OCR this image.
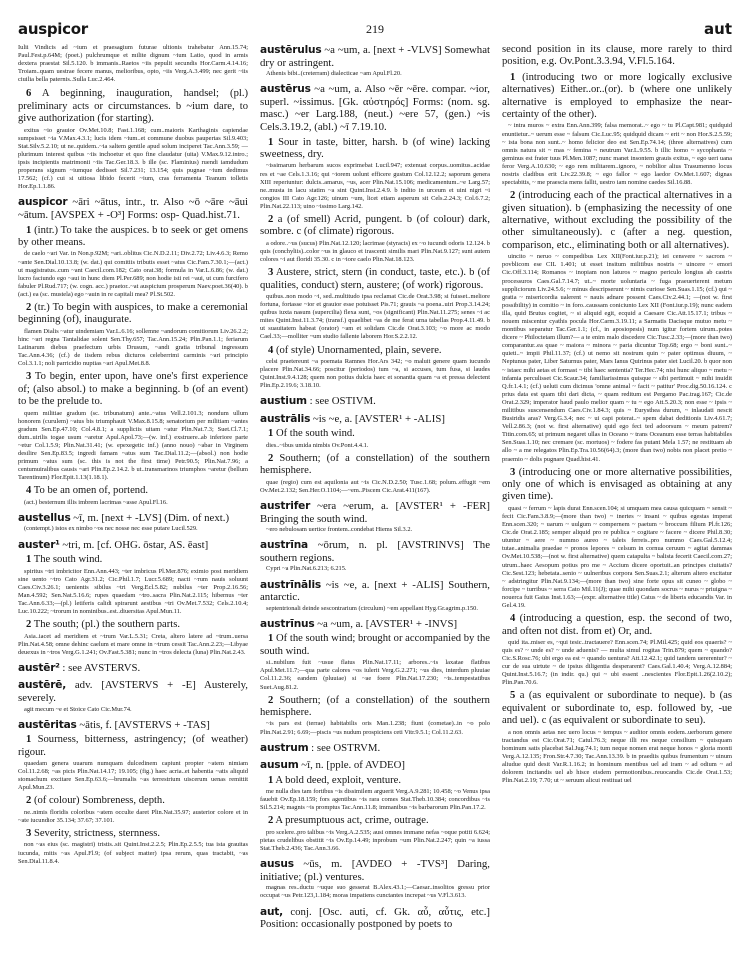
auspicor	219	aut

Iulii Vindicis ad ~ium et praesagium futurae ultionis trahebatur Ann.15.74; Paul.Fest.p.64M; (poet.) pulchrumque et milite dignum ~ium Latio, quod in armis dextera praestat Sil.5.120. b immanis..Raetos ~iis pepulit secundis Hor.Carm.4.14.16; Troiam..quam uestrae fecere manus, melioribus, opto, ~iis Verg.A.3.499; nec gerit ~iis ciuilia bella paternis..Sulla Luc.2.464.

6 A beginning, inauguration, handsel; (pl.) preliminary acts or circumstances. b ~ium dare, to give authorization (for starting).

exitus ~io grauior Ov.Met.10.8; Fast.1.168; cum..maioris Karthaginis capiendae sumpsisset ~ia V.Max.4.3.1; lucis idem ~ium..et commune duobus paupertas Sil.9.403; Stat.Silv.5.2.10; ut ne..quidem..~ia saltem gentile apud solum inciperet Tac.Ann.3.59; —plurimum interest quibus ~iis inchoetur et quo fine claudatur (uita) V.Max.9.12.intro.; ipsis incipientis matrimonii ~iis Tac.Ger.18.3. b ille (sc. Flaminius) ruendi iamdudum properans signum ~iumque dedisset Sil.7.231; 13.154; quis pugnae ~ium dedimus 17.562; (cf.) cui si uitiosa libido fecerit ~ium, cras ferramenta Teanum tolletis Hor.Ep.1.1.86.

auspicor ~āri ~ātus, intr., tr. Also ~ō ~āre ~āui ~ātum. [AVSPEX + -O³] Forms: osp- Quad.hist.71.

1 (intr.) To take the auspices. b to seek or get omens by other means.

de caelo ~ari Var. in Non.p.92M; ~ari..oblitus Cic.N.D.2.11; Div.2.72; Liv.4.6.3; Remo ~ante Sen.Dial.10.13.8; (w. dat.) qui comitiis tributis esset ~atus Cic.Fam.7.30.1;—(act.) ut magistratus..cum ~ant Caecil.com.182; Cato orat.38; formula in Var.L.6.86; (w. dat.) lucro faciundo ego ~aui in hunc diem Pl.Per.689; non hodie isti rei ~aui, ut cum furcifero fabuler Pl.Rud.717; (w. cogn. acc.) praetor..~at auspicium prosperum Naev.poet.36(40). b (act.) ea (sc. mustela) ego ~auin in re capitali mea? Pl.St.502.

2 (tr.) To begin with auspices, to make a ceremonial beginning (of), inaugurate.

flamen Dialis ~atur uindemiam Var.L.6.16; sollemne ~andorum comitiorum Liv.26.2.2; hinc ~ari regna Tantalidae solent Sen.Thy.657; Tac.Ann.15.24; Plin.Pan.1.1; feriarum Latinarum diebus praefectum urbis Drusum, ~andi gratia tribunal ingressum Tac.Ann.4.36; (cf.) de iisdem rebus dicturos celeberrimi carminis ~ari principio Col.3.1.1; noli parricidio nuptias ~ari Apul.Met.8.8.

3 To begin, enter upon, have one's first experience of; (also absol.) to make a beginning. b (of an event) to be the prelude to.

quem militiae gradum (sc. tribunatum) ante..~atus Vell.2.101.3; nondum ullum honorem (curulem) ~atus bis triumphauit V.Max.8.15.8; senatorium per militiam ~antes gradum Sen.Ep.47.10; Col.4.8.1; a suppliciis uitam ~atur Plin.Nat.7.3; Suet.Cl.7.1; dum..uirilis togae usum ~aretur Apul.Apol.73;—(w. inf.) exstruere..ab inferiore parte ~etur Col.1.5.9; Plin.Nat.31.41; (w. epexegetic inf.) (anno nouo) ~abar in Virginem desilire Sen.Ep.83.5; ingredi famam ~atus sum Tac.Dial.11.2;—(absol.) non hodie primum ~atus sum (sc. this is not the first time) Petr.90.5; Plin.Nat.7.96; a centumuiralibus causis ~ari Plin.Ep.2.14.2. b ut..transmarinos triumphos ~aretur (bellum Tarentinum) Flor.Epit.1.13(1.18.1).

4 To be an omen of, portend.

(act.) besternum illis imbrem lacrimas ~asse Apul.Fl.16.

austellus ~ī, m. [next + -LVS] (Dim. of next.)

(contempt.) istos ex nimbo ~os nec nosse nec esse putare Lucil.529.

auster¹ ~tri, m. [cf. OHG. ōstar, AS. ēast]

1 The south wind.

spiritus ~tri imbricitor Enn.Ann.443; ~ter imbricus Pl.Mer.876; eximio post meridiem sine uento ~tro Cato Agr.31.2; Cic.Phil.1.7; Lucr.5.689; nacti ~rum nauis soluunt Caes.Civ.3.26.1; uenientis sibilus ~tri Verg.Ecl.5.82; nubilus ~ter Prop.2.16.56; Man.4.592; Sen.Nat.5.16.6; rupes quaedam ~tro..sacra Plin.Nat.2.115; hibernus ~ter Tac.Ann.6.33;—(pl.) letiferis calidi spirarunt aestibus ~tri Ov.Met.7.532; Cels.2.10.4; Luc.10.222; ~trorum in nominibus..est..diuersitas Apul.Mun.11.

2 The south; (pl.) the southern parts.

Asia..iacet ad meridiem et ~trum Var.L.5.31; Creta, altero latere ad ~trum..uersa Plin.Nat.4.58; omne dehinc caelum et mare omne in ~trum cessit Tac.Ann.2.23;—Libyae deuexus in ~tros Verg.G.1.241; Ov.Fast.5.381; nunc in ~tros delecta (luna) Plin.Nat.2.43.

austēr² : see AVSTERVS.

austērē, adv. [AVSTERVS + -E] Austerely, severely.

agit mecum ~e et Stoice Cato Cic.Mur.74.

austēritas ~ātis, f. [AVSTERVS + -TAS]

1 Sourness, bitterness, astringency; (of weather) rigour.

quaedam genera uuarum numquam dulcedinem capiunt propter ~atem nimiam Col.11.2.68; ~as picis Plin.Nat.14.17; 19.105; (fig.) haec acria..et habentia ~atis aliquid stomachum excitare Sen.Ep.63.6;—brumalis ~as terrestrium uiscerum uenas remittit Apul.Mun.23.

2 (of colour) Sombreness, depth.

ne..nimis floridis coloribus ~atem occulte daret Plin.Nat.35.97; austerior colore et in ~ate iucundior 35.134; 37.67; 37.101.

3 Severity, strictness, sternness.

non ~as eius (sc. magistri) tristis..sit Quint.Inst.2.2.5; Plin.Ep.2.5.5; tua ista grauitas iucunda, mitis ~as Apul.Fl.9; (of subject matter) ipsa rerum, quas tractabit, ~as Sen.Dial.11.8.4.

austērulus ~a ~um, a. [next + -VLVS] Somewhat dry or astringent.

Athenis bibi..(creterram) dialecticae ~am Apul.Fl.20.

austērus ~a ~um, a. Also ~ēr ~ēre. compar. ~ior, superl. ~issimus. [Gk. αὐστηρός] Forms: (nom. sg. masc.) ~er Larg.188, (neut.) ~ere 57, (gen.) ~is Cels.3.19.2, (abl.) ~ī 7.19.10.

1 Sour in taste, bitter, harsh. b (of wine) lacking sweetness, dry.

~issimarum herbarum sucos exprimebat Lucil.947; extenuat corpus..uomitus..acidae res et ~ae Cels.1.3.16; qui ~iorem uolunt efficere gustum Col.12.12.2; saporum genera XIII reperiuntur: dulcis..amarus, ~us, acer Plin.Nat.15.106; medicamentum..~e Larg.57; ne..musta in lacu statim ~a sint Quint.Inst.2.4.9. b indito in urceum et uini nigri ~i congios III Cato Agr.126; uinum ~um, licet etiam asperum sit Cels.2.24.3; Col.6.7.2; Plin.Nat.22.113; uino ~issimo Larg.142.

2 a (of smell) Acrid, pungent. b (of colour) dark, sombre. c (of climate) rigorous.

a odore..~us (sucus) Plin.Nat.12.120; lacrimae (styracis) ex ~o iucundi odoris 12.124. b quis (conchyliis)..color ~us in glauco et irascenti similis mari Plin.Nat.9.127; sunt autem colores ~i aut floridi 35.30. c in ~iore caelo Plin.Nat.18.123.

3 Austere, strict, stern (in conduct, taste, etc.). b (of qualities, conduct) stern, austere; (of work) rigorous.

quibus..non modo ~i, sed..multitudo ipsa reclamat Cic.de Orat.3.98; si fuisset..meliore fortuna, fortasse ~ior et grauior esse potuisset Pis.71; grauis ~a poena..uiri Prop.3.14.24; quibus iuxta nasum (supercilia) flexa sunt, ~os (significant) Plin.Nat.11.275; senes ~i ac mites Quint.Inst.11.3.74; (transf.) quaelibet ~as de me ferat urna tabellas Prop.4.11.49. b ut suauitatem habeat (orator) ~am et solidam Cic.de Orat.3.103; ~o more ac modo Cael.33;—molliter ~um studio fallente laborem Hor.S.2.2.12.

4 (of style) Unornamented, plain, severe.

celsi praetereunt ~a poemata Ramnes Hor.Ars 342; ~o maluit genere quam iucundo placere Plin.Nat.34.66; poscitur (periodos) tum ~a, si accuses, tum fusa, si laudes Quint.Inst.9.4.128; quem non potius dulcia haec et sonantia quam ~a et pressa delectent Plin.Ep.2.19.6; 3.18.10.

austium : see OSTIVM.

austrālis ~is ~e, a. [AVSTER¹ + -ALIS]

1 Of the south wind.

dies..~ibus umida nimbis Ov.Pont.4.4.1.

2 Southern; (of a constellation) of the southern hemisphere.

quae (regio) cum est aquilonia aut ~is Cic.N.D.2.50; Tusc.1.68; polum..effugit ~em Ov.Met.2.132; Sen.Her.O.1104;—~em..Piscem Cic.Arat.411(167).

austrifer ~era ~erum, a. [AVSTER¹ + -FER] Bringing the south wind.

~ero nebulosam uertice frontem..condebat Hiems Sil.3.2.

austrīna ~ōrum, n. pl. [AVSTRINVS] The southern regions.

Cypri ~a Plin.Nat.6.213; 6.215.

austrīnālis ~is ~e, a. [next + -ALIS] Southern, antarctic.

septentrionali deinde sescontrarium (circulum) ~em appellant Hyg.Gr.agrim.p.150.

austrīnus ~a ~um, a. [AVSTER¹ + -INVS]

1 Of the south wind; brought or accompanied by the south wind.

si..nubilum fuit ~usue flatus Plin.Nat.17.11; arbores..~is laxatae flatibus Apul.Met.11.7;—qua parte calores ~os iulerit Verg.G.2.271; ~us dies, interdum pluuiae Col.11.2.36; eandem (pluuiae) si ~ae foere Plin.Nat.17.230; ~is..tempestatibus Suet.Aug.81.2.

2 Southern; (of a constellation) of the southern hemisphere.

~is pars est (terrae) habitabilis oris Man.1.238; fiunt (cometae)..in ~o polo Plin.Nat.2.91; 6.69;—piscis ~us nudum prospiciens ceti Vitr.9.5.1; Col.11.2.63.

austrum : see OSTRVM.

ausum ~ī, n. [pple. of AVDEO]

1 A bold deed, exploit, venture.

me nulla dies tam fortibus ~is dissimilem arguerit Verg.A.9.281; 10.458; ~o Venus ipsa fauebit Ov.Ep.18.159; fors agentibus ~is rara comes Stat.Theb.10.384; concordibus ~is Sil.5.214; magnis ~is promptus Tac.Ann.11.8; immanibus ~is barbarorum Plin.Pan.17.2.

2 A presumptuous act, crime, outrage.

pro scelere..pro talibus ~is Verg.A.2.535; ausi omnes immane nefas ~oque potiti 6.624; pietas crudelibus obstitit ~is Ov.Ep.14.49; inprobum ~um Plin.Nat.2.247; quin ~a iussa Stat.Theb.2.436; Tac.Ann.3.66.

ausus ~ūs, m. [AVDEO + -TVS³] Daring, initiative; (pl.) ventures.

magnas res..ductu ~uque suo gesserat B.Alex.43.1;—Caesar..insolitos gressu prior occupat ~us Petr.123,1.184; moras impatiens cunctantes increpat ~us V.Fl.3.613.

aut, conj. [Osc. auti, cf. Gk. αὖ, αὖτις, etc.] Position: occasionally postponed by poets to

second position in its clause, more rarely to third position, e.g. Ov.Pont.3.3.94, V.Fl.5.164.

1 (introducing two or more logically exclusive alternatives) Either..or..(or). b (where one unlikely alternative is employed to emphasize the near-certainty of the other).

~ intra muros ~ extra Enn.Ann.399; falsa memorat..~ ego ~ tu Pl.Capt.981; quidquid enuntietur..~ uerum esse ~ falsum Cic.Luc.95; quidquid dicam ~ erit ~ non Hor.S.2.5.59; ~ ista bona non sunt..~ homo felicior deo est Sen.Ep.74.14; (three alternatives) cum omnis natura sit ~ mas ~ femina ~ neutrum Var.L.9.55. b illic homo ~ sycophanta ~ geminus est frater tuus Pl.Men.1087; nunc manet insontem grauis exitus, ~ ego ueri uana feror Verg.A.10.630; ~ ego rem militarem..ignoro, ~ nobilior alius Trasumenno locus nostris cladibus erit Liv.22.39.8; ~ ego fallor ~ ego laedor Ov.Met.1.607; dignas spectabitis, ~ me praescia mens fallit, uestro iam nomine caedes Sil.16.88.

2 (introducing each of the practical alternatives in a given situation). b (emphasizing the necessity of one alternative, without excluding the possibility of the other simultaneously). c (after a neg. question, comparison, etc., eliminating both or all alternatives).

uincito ~ neruo ~ compedibus Lex XII(Font.iur.p.21); iei censvere ~ sacrom ~ povblicom ese CIL 1.401; ut esset insitum militibus nostris ~ uincere ~ emori Cic.Off.3.114; Romanos ~ inopiam non laturos ~ magno periculo longius ab castris processuros Caes.Gal.7.14.7; ut..~ morte uoluntaria ~ fuga praeuerterent metum suppliciorum Liv.24.5.6; ~ minus descripserunt ~ nimis curiose Sen.Suas.1.15; (cf.) qui ~ gratia ~ misericordia ualerent ~ nauis adnare possent Caes.Civ.2.44.1; —(not w. first possibility) in comitio ~ in foro..caussam coniciunto Lex XII (Font.iur.p.19); nunc eadem illa, quid Brutus cogitet, ~ si aliquid egit, ecquid a Caesare Cic.Att.15.17.1; tribus ~ nouem miscentur cyathis pocula Hor.Carm.3.19.11; a Sarmatis Dacisque mutuo metu ~ montibus separatur Tac.Ger.1.1; (cf., in aposiopesis) num igitur fortem uirum..potes dicere ~ Philoctetam illum?— a te enim malo discedere Cic.Tusc.2.33;—(more than two) comparantur..ea quae ~ maiora ~ minora ~ paria dicuntur Top.68; ergo ~ boni sunt..~ quieti..~ impii Phil.11.37; (cf.) ut nemo sit nostrum quin ~ pater optimus diuum, ~ Neptunus pater, Liber Saturnus pater, Mars Ianus Quirinus pater siet Lucil.20. b quor non ~ istaec mihi aetas et formast ~ tibi haec sententia? Ter.Hec.74; nisi hunc aliquo ~ metu ~ infamia perculisset Cic.Scaur.34; familiarissimus quisque ~ sibi pertimuit ~ mihi inuidit Q.fr.1.4.1; (cf.) ueluti cum dicimus 'omne animal ~ facit ~ patitur' Proc.dig.50.16.124. c prius data est quam tibi dari dicta, ~ quam reditum est Pergamo Pac.trag.167; Cic.de Orat.2.329; imperator haud paulo melior quam ~ tu ~ ego Att.5.20.3; non esse ~ ipsis ~ militibus suscensendum Caes.Civ.1.84.3; quis ~ Eurysthea durum, ~ inlaudati nescit Busiridis aras? Verg.G.3.4; nec ~ ui capi poterat..~ spem dabat deditionis Liv.4.61.7; Vell.2.86.3; (not w. first alternative) quid ego feci ted adoorsum ~ meum patrem? Titin.com.65; ut primum negaret ullas in Oceano ~ trans Oceanum esse terras habitabiles Sen.Suas.1.10; nec cremare (sc. mortuos) ~ fodere fas putant Mela 1.57; ne restituam ab allo ~ a me relegatos Plin.Ep.Tra.10.56(64).3; (more than two) nobis non placet pretio ~ praemio ~ dolis pugnare Quad.hist.41.

3 (introducing one or more alternative possibilities, only one of which is envisaged as obtaining at any given time).

quasi ~ ferrum ~ lapis durat Enn.scen.104; si umquam mea causa quicquam ~ sensit ~ fecit Cic.Fam.3.8.9;—(more than two) ~ inertes ~ insani ~ quibus egestas imperat Enn.scen.320; ~ uarum ~ uulgum ~ compernem ~ paetum ~ broccum filium Pl.fr.126; Cic.de Orat.2.185; semper aliquid pro re publica ~ cogitare ~ facere ~ dicere Phil.8.30; utuntur ~ aere ~ nummo aureo ~ taleis ferreis..pro nummo Caes.Gal.5.12.4; tutae..animalia praedae ~ pronos lepores ~ celsum in cornua ceruum ~ agitat dammas Ov.Met.10.538;—(not w. first alternative) quem catapulta ~ balista fecerit Caecil.com.27; utrum..haec Aesopum potius pro me ~ Accium dicere oportuit..an principes ciuitatis? Cic.Sest.123; hebetata..senio ~ uulneribus corpora Sen.Suas.2.1; alterum altero excitatur ~ adstringitur Plin.Nat.9.134;—(more than two) sine forte opus sit cuneo ~ globo ~ forcipe ~ turribus ~ serra Cato Mil.11(J); quae mihi quondam socrus ~ nurus ~ priuigna ~ nouerca fuit Gaius Inst.1.63;—(expr. alternative title) Catus ~ de liberis educandis Var. in Gel.4.19.

4 (introducing a question, esp. the second of two, and often not dist. from et) Or, and.

quid ita..miser es, ~qui tesic..tractauere? Enn.scen.74; Pl.Mil.425; quid eos quaeris? ~ quis es? ~ unde es? ~ unde aduenis? — multa simul rogitas Trin.879; quem ~ quando? Cic.S.Rosc.76; ubi ergo ea est ~ quando uentura? Att.12.42.1; quid tandem uererentur? ~ cur de sua uirtute ~ de ipsius diligentia desperarent? Caes.Gal.1.40.4; Verg.A.12.884; Quint.Inst.5.16.7; (in indir. qu.) qui ~ ubi essent ..nescientes Flor.Epit.1.26(2.10.2); Plin.Pan.70.6.

5 a (as equivalent or subordinate to neque). b (as equivalent or subordinate to, esp. followed by, -ue and uel). c (as equivalent or subordinate to seu).

a non omnis aetas nec uero locus ~ tempus ~ auditor omnis eodem..uerborum genere tractandus est Cic.Orat.71; Catul.76.3; neque illi res neque consilium ~ quisquam hominum satis placebat Sal.Jug.74.1; tum neque nomen erat neque honos ~ gloria monti Verg.A.12.135; Fron.Str.4.7.30; Tac.Ann.13.39. b in praediis quibus frumentum ~ uinum aliudue quid desit Var.R.1.16.2; in hominum mentibus uel ad iram ~ ad odium ~ ad dolorem incitandis uel ab hisce eisdem permotionibus..reuocandis Cic.de Orat.1.53; Plin.Nat.2.19; 7.70; ut ~ seruum alicui restituat uel
